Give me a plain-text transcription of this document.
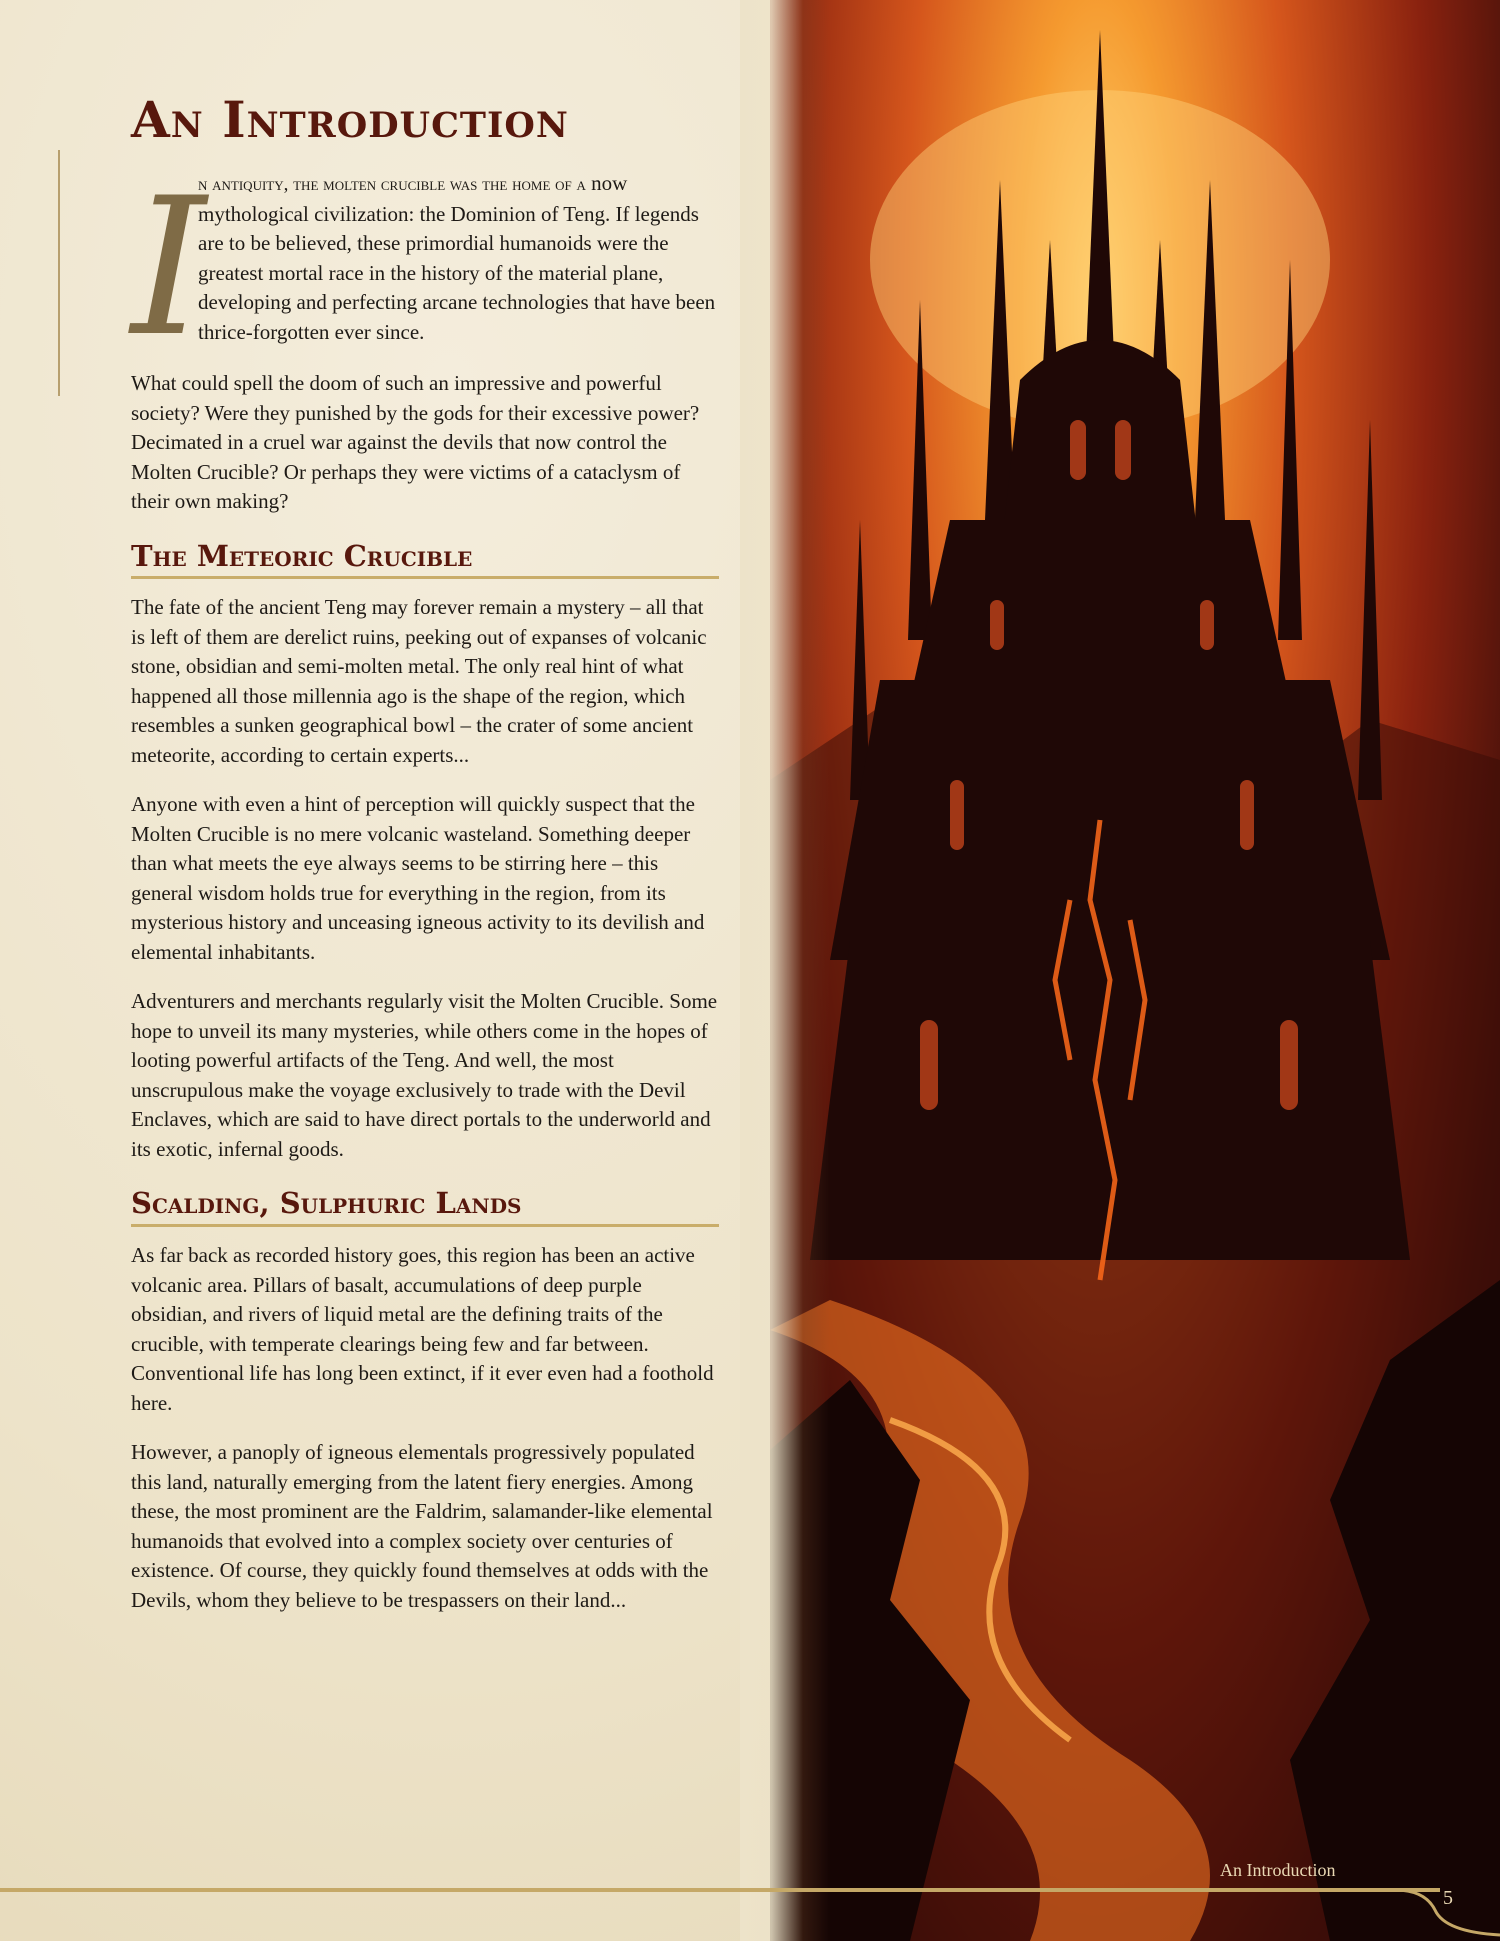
An Introduction
I

n antiquity, the molten crucible was the home of a now mythological civilization: the Dominion of Teng. If legends are to be believed, these primordial humanoids were the greatest mortal race in the history of the material plane, developing and perfecting arcane technologies that have been thrice-forgotten ever since.

What could spell the doom of such an impressive and powerful society? Were they punished by the gods for their excessive power? Decimated in a cruel war against the devils that now control the Molten Crucible? Or perhaps they were victims of a cataclysm of their own making?

The Meteoric Crucible

The fate of the ancient Teng may forever remain a mystery – all that is left of them are derelict ruins, peeking out of expanses of volcanic stone, obsidian and semi-molten metal. The only real hint of what happened all those millennia ago is the shape of the region, which resembles a sunken geographical bowl – the crater of some ancient meteorite, according to certain experts...

Anyone with even a hint of perception will quickly suspect that the Molten Crucible is no mere volcanic wasteland. Something deeper than what meets the eye always seems to be stirring here – this general wisdom holds true for everything in the region, from its mysterious history and unceasing igneous activity to its devilish and elemental inhabitants.

Adventurers and merchants regularly visit the Molten Crucible. Some hope to unveil its many mysteries, while others come in the hopes of looting powerful artifacts of the Teng. And well, the most unscrupulous make the voyage exclusively to trade with the Devil Enclaves, which are said to have direct portals to the underworld and its exotic, infernal goods.

Scalding, Sulphuric Lands

As far back as recorded history goes, this region has been an active volcanic area. Pillars of basalt, accumulations of deep purple obsidian, and rivers of liquid metal are the defining traits of the crucible, with temperate clearings being few and far between. Conventional life has long been extinct, if it ever even had a foothold here.

However, a panoply of igneous elementals progressively populated this land, naturally emerging from the latent fiery energies. Among these, the most prominent are the Faldrim, salamander-like elemental humanoids that evolved into a complex society over centuries of existence. Of course, they quickly found themselves at odds with the Devils, whom they believe to be trespassers on their land...

An Introduction
5
